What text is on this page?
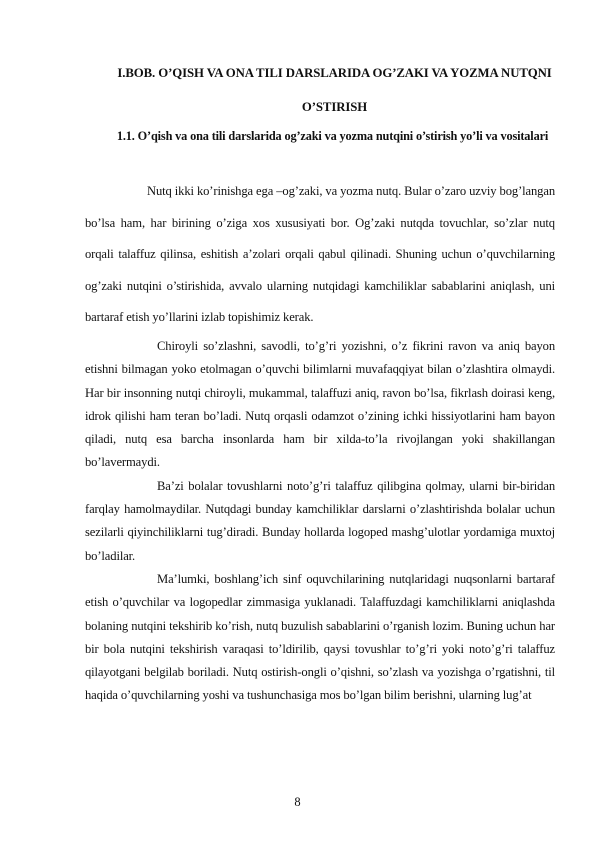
I.BOB. O’QISH VA ONA TILI DARSLARIDA OG’ZAKI VA YOZMA NUTQNI O’STIRISH
1.1. O’qish va ona tili darslarida og’zaki va yozma nutqini o’stirish yo’li va vositalari

Nutq ikki ko’rinishga ega –og’zaki, va yozma nutq. Bular o’zaro uzviy bog’langan bo’lsa ham, har birining o’ziga xos xususiyati bor. Og’zaki nutqda tovuchlar, so’zlar nutq orqali talaffuz qilinsa, eshitish a’zolari orqali qabul qilinadi. Shuning uchun o’quvchilarning og’zaki nutqini o’stirishida, avvalo ularning nutqidagi kamchiliklar sabablarini aniqlash, uni bartaraf etish yo’llarini izlab topishimiz kerak.

Chiroyli so’zlashni, savodli, to’g’ri yozishni, o’z fikrini ravon va aniq bayon etishni bilmagan yoko etolmagan o’quvchi bilimlarni muvafaqqiyat bilan o’zlashtira olmaydi. Har bir insonning nutqi chiroyli, mukammal, talaffuzi aniq, ravon bo’lsa, fikrlash doirasi keng, idrok qilishi ham teran bo’ladi. Nutq orqasli odamzot o’zining ichki hissiyotlarini ham bayon qiladi, nutq esa barcha insonlarda ham bir xilda-to’la rivojlangan yoki shakillangan bo’lavermaydi.

Ba’zi bolalar tovushlarni noto’g’ri talaffuz qilibgina qolmay, ularni bir-biridan farqlay hamolmaydilar. Nutqdagi bunday kamchiliklar darslarni o’zlashtirishda bolalar uchun sezilarli qiyinchiliklarni tug’diradi. Bunday hollarda logoped mashg’ulotlar yordamiga muxtoj bo’ladilar.

Ma’lumki, boshlang’ich sinf oquvchilarining nutqlaridagi nuqsonlarni bartaraf etish o’quvchilar va logopedlar zimmasiga yuklanadi. Talaffuzdagi kamchiliklarni aniqlashda bolaning nutqini tekshirib ko’rish, nutq buzulish sabablarini o’rganish lozim. Buning uchun har bir bola nutqini tekshirish varaqasi to’ldirilib, qaysi tovushlar to’g’ri yoki noto’g’ri talaffuz qilayotgani belgilab boriladi. Nutq ostirish-ongli o’qishni, so’zlash va yozishga o’rgatishni, til haqida o’quvchilarning yoshi va tushunchasiga mos bo’lgan bilim berishni, ularning lug’at

8
